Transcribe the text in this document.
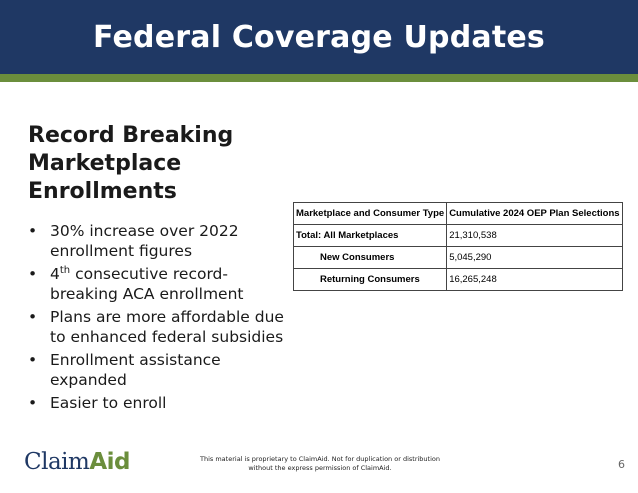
Federal Coverage Updates
Record Breaking Marketplace Enrollments
• 30% increase over 2022 enrollment figures
• 4th consecutive record-breaking ACA enrollment
• Plans are more affordable due to enhanced federal subsidies
• Enrollment assistance expanded
• Easier to enroll
Marketplace and Consumer Type	Cumulative 2024 OEP Plan Selections
Total: All Marketplaces	21,310,538
New Consumers	5,045,290
Returning Consumers	16,265,248
ClaimAid	This material is proprietary to ClaimAid. Not for duplication or distribution
without the express permission of ClaimAid.	6
